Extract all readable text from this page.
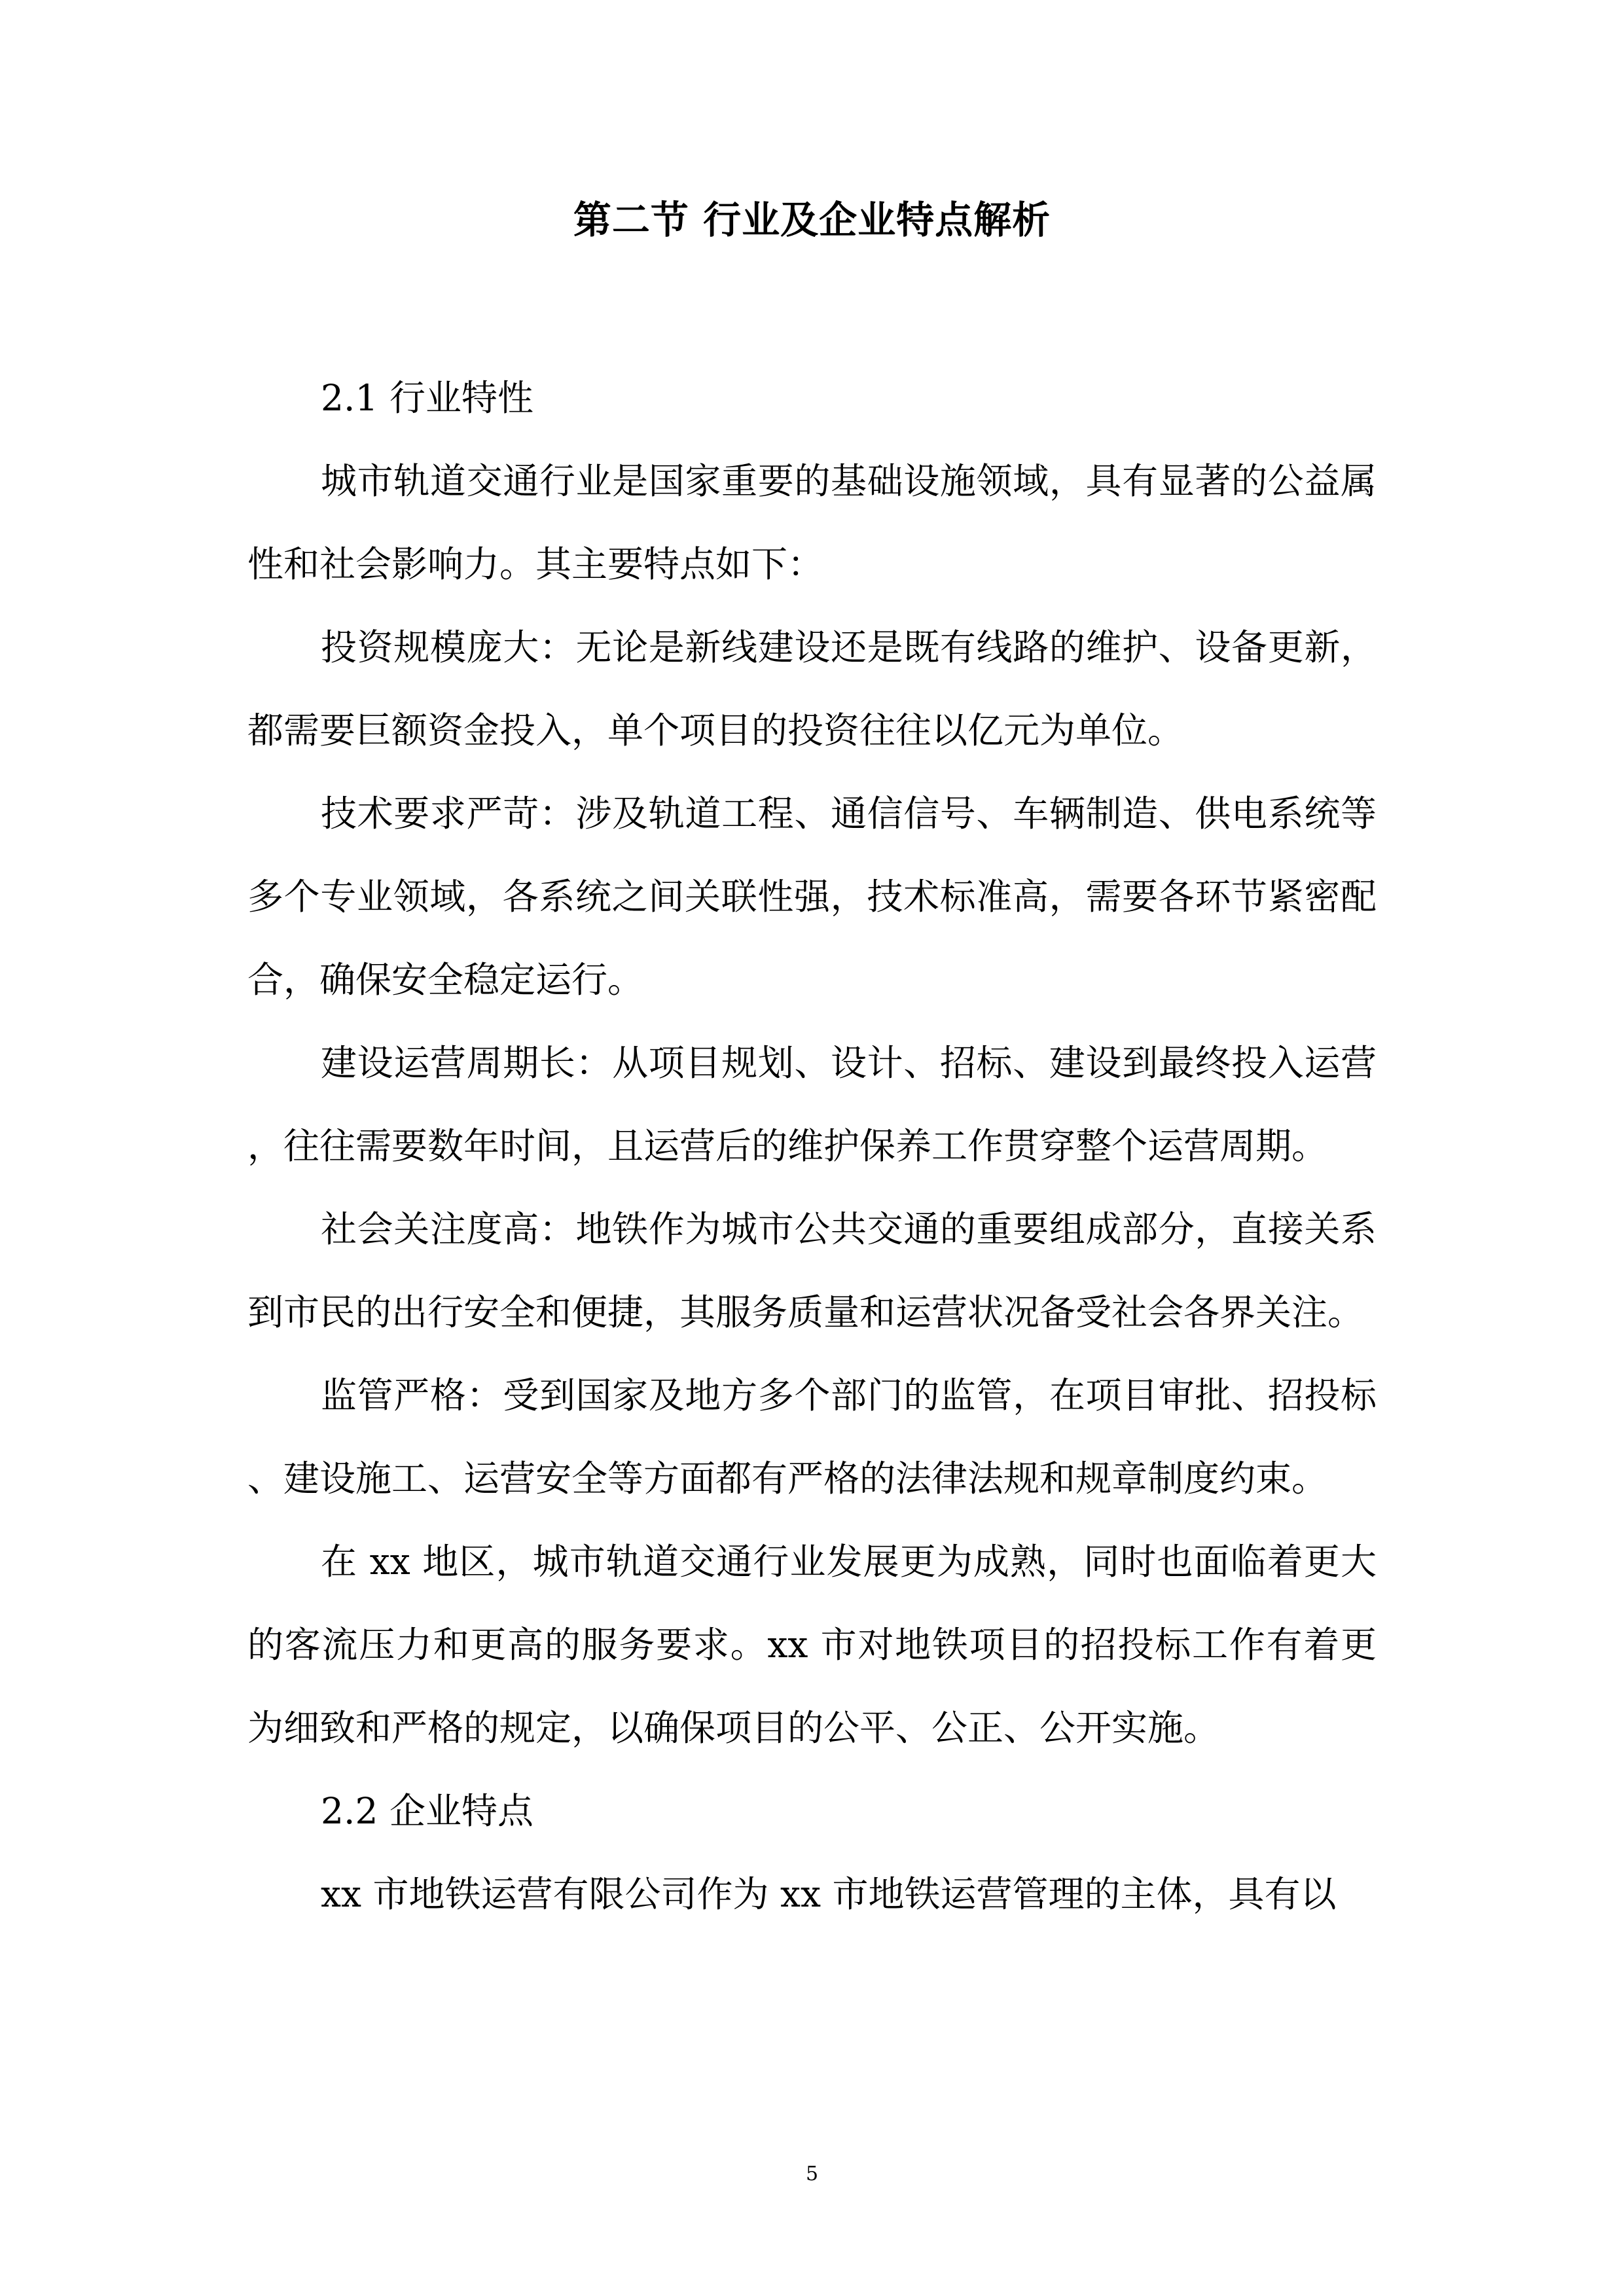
第二节 行业及企业特点解析

2.1 行业特性

城市轨道交通行业是国家重要的基础设施领域，具有显著的公益属性和社会影响力。其主要特点如下：

投资规模庞大：无论是新线建设还是既有线路的维护、设备更新，都需要巨额资金投入，单个项目的投资往往以亿元为单位。

技术要求严苛：涉及轨道工程、通信信号、车辆制造、供电系统等多个专业领域，各系统之间关联性强，技术标准高，需要各环节紧密配合，确保安全稳定运行。

建设运营周期长：从项目规划、设计、招标、建设到最终投入运营，往往需要数年时间，且运营后的维护保养工作贯穿整个运营周期。

社会关注度高：地铁作为城市公共交通的重要组成部分，直接关系到市民的出行安全和便捷，其服务质量和运营状况备受社会各界关注。

监管严格：受到国家及地方多个部门的监管，在项目审批、招投标、建设施工、运营安全等方面都有严格的法律法规和规章制度约束。

在 xx 地区，城市轨道交通行业发展更为成熟，同时也面临着更大的客流压力和更高的服务要求。xx 市对地铁项目的招投标工作有着更为细致和严格的规定，以确保项目的公平、公正、公开实施。

2.2 企业特点

xx 市地铁运营有限公司作为 xx 市地铁运营管理的主体，具有以

5
